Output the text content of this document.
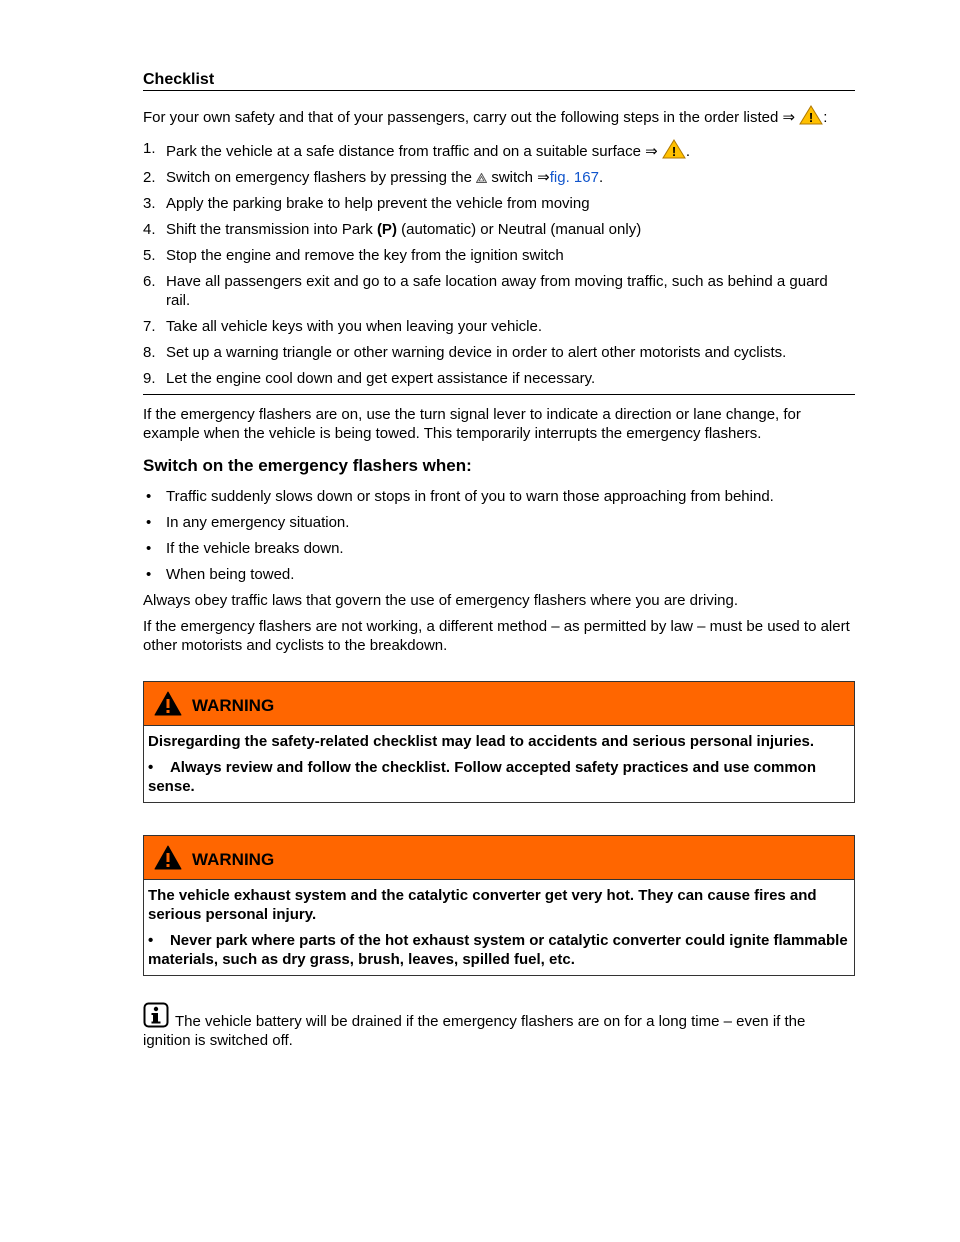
Checklist

For your own safety and that of your passengers, carry out the following steps in the order listed ⇒ ! :

1. Park the vehicle at a safe distance from traffic and on a suitable surface ⇒ ! .
2. Switch on emergency flashers by pressing the switch ⇒fig. 167.
3. Apply the parking brake to help prevent the vehicle from moving
4. Shift the transmission into Park (P) (automatic) or Neutral (manual only)
5. Stop the engine and remove the key from the ignition switch
6. Have all passengers exit and go to a safe location away from moving traffic, such as behind a guard rail.
7. Take all vehicle keys with you when leaving your vehicle.
8. Set up a warning triangle or other warning device in order to alert other motorists and cyclists.
9. Let the engine cool down and get expert assistance if necessary.

If the emergency flashers are on, use the turn signal lever to indicate a direction or lane change, for example when the vehicle is being towed. This temporarily interrupts the emergency flashers.

Switch on the emergency flashers when:
• Traffic suddenly slows down or stops in front of you to warn those approaching from behind.
• In any emergency situation.
• If the vehicle breaks down.
• When being towed.

Always obey traffic laws that govern the use of emergency flashers where you are driving.

If the emergency flashers are not working, a different method – as permitted by law – must be used to alert other motorists and cyclists to the breakdown.

WARNING

Disregarding the safety-related checklist may lead to accidents and serious personal injuries.

• Always review and follow the checklist. Follow accepted safety practices and use common sense.

WARNING

The vehicle exhaust system and the catalytic converter get very hot. They can cause fires and serious personal injury.

• Never park where parts of the hot exhaust system or catalytic converter could ignite flammable materials, such as dry grass, brush, leaves, spilled fuel, etc.

The vehicle battery will be drained if the emergency flashers are on for a long time – even if the ignition is switched off.
